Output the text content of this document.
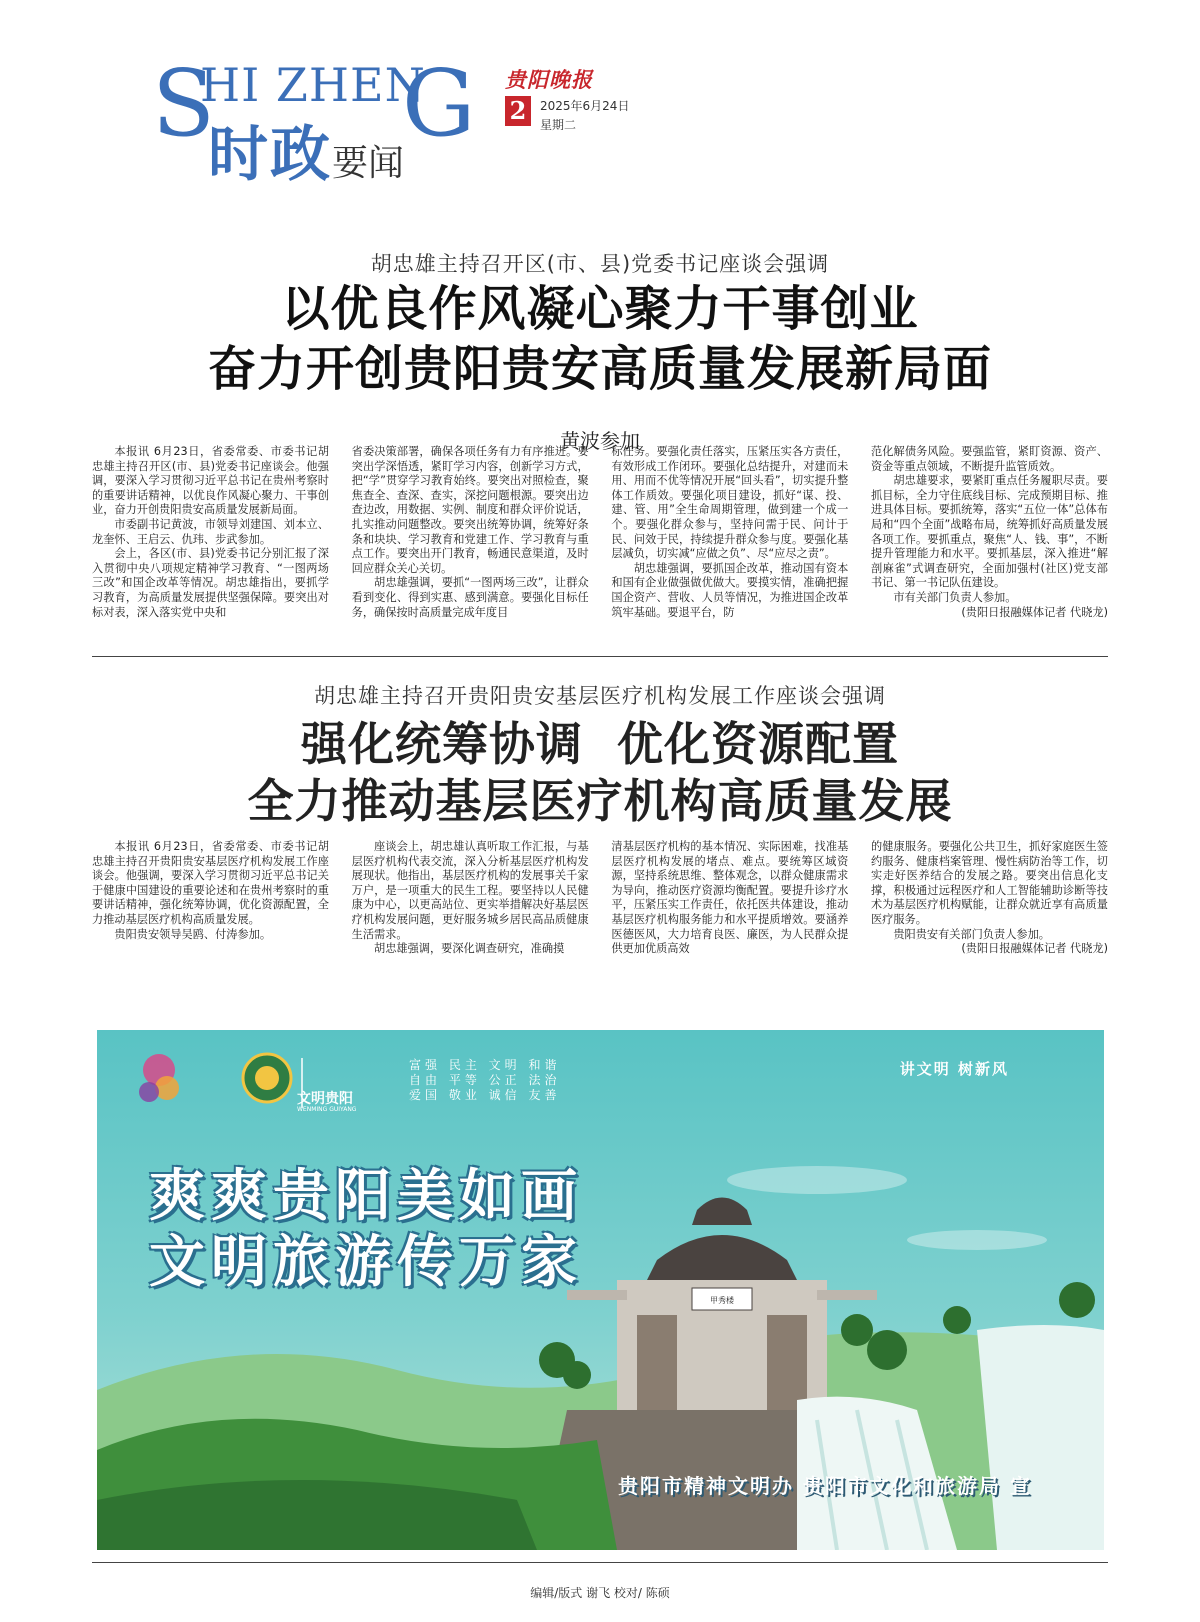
S
HI ZHEN
G
时政 要闻
贵阳晚报
2	2025年6月24日
星期二
胡忠雄主持召开区(市、县)党委书记座谈会强调
以优良作风凝心聚力干事创业
奋力开创贵阳贵安高质量发展新局面
黄波参加

本报讯 6月23日，省委常委、市委书记胡忠雄主持召开区(市、县)党委书记座谈会。他强调，要深入学习贯彻习近平总书记在贵州考察时的重要讲话精神，以优良作风凝心聚力、干事创业，奋力开创贵阳贵安高质量发展新局面。

市委副书记黄波，市领导刘建国、刘本立、龙奎怀、王启云、仇玮、步武参加。

会上，各区(市、县)党委书记分别汇报了深入贯彻中央八项规定精神学习教育、“一图两场三改”和国企改革等情况。胡忠雄指出，要抓学习教育，为高质量发展提供坚强保障。要突出对标对表，深入落实党中央和

省委决策部署，确保各项任务有力有序推进。要突出学深悟透，紧盯学习内容，创新学习方式，把“学”贯穿学习教育始终。要突出对照检查，聚焦查全、查深、查实，深挖问题根源。要突出边查边改，用数据、实例、制度和群众评价说话，扎实推动问题整改。要突出统筹协调，统筹好条条和块块、学习教育和党建工作、学习教育与重点工作。要突出开门教育，畅通民意渠道，及时回应群众关心关切。

胡忠雄强调，要抓“一图两场三改”，让群众看到变化、得到实惠、感到满意。要强化目标任务，确保按时高质量完成年度目

标任务。要强化责任落实，压紧压实各方责任，有效形成工作闭环。要强化总结提升，对建而未用、用而不优等情况开展“回头看”，切实提升整体工作质效。要强化项目建设，抓好“谋、投、建、管、用”全生命周期管理，做到建一个成一个。要强化群众参与，坚持问需于民、问计于民、问效于民，持续提升群众参与度。要强化基层减负，切实减“应做之负”、尽“应尽之责”。

胡忠雄强调，要抓国企改革，推动国有资本和国有企业做强做优做大。要摸实情，准确把握国企资产、营收、人员等情况，为推进国企改革筑牢基础。要退平台，防

范化解债务风险。要强监管，紧盯资源、资产、资金等重点领域，不断提升监管质效。

胡忠雄要求，要紧盯重点任务履职尽责。要抓目标，全力守住底线目标、完成预期目标、推进具体目标。要抓统筹，落实“五位一体”总体布局和“四个全面”战略布局，统筹抓好高质量发展各项工作。要抓重点，聚焦“人、钱、事”，不断提升管理能力和水平。要抓基层，深入推进“解剖麻雀”式调查研究，全面加强村(社区)党支部书记、第一书记队伍建设。

市有关部门负责人参加。

(贵阳日报融媒体记者 代晓龙)

胡忠雄主持召开贵阳贵安基层医疗机构发展工作座谈会强调
强化统筹协调  优化资源配置
全力推动基层医疗机构高质量发展

本报讯 6月23日，省委常委、市委书记胡忠雄主持召开贵阳贵安基层医疗机构发展工作座谈会。他强调，要深入学习贯彻习近平总书记关于健康中国建设的重要论述和在贵州考察时的重要讲话精神，强化统筹协调，优化资源配置，全力推动基层医疗机构高质量发展。

贵阳贵安领导吴鸥、付涛参加。

座谈会上，胡忠雄认真听取工作汇报，与基层医疗机构代表交流，深入分析基层医疗机构发展现状。他指出，基层医疗机构的发展事关千家万户，是一项重大的民生工程。要坚持以人民健康为中心，以更高站位、更实举措解决好基层医疗机构发展问题，更好服务城乡居民高品质健康生活需求。

胡忠雄强调，要深化调查研究，准确摸

清基层医疗机构的基本情况、实际困难，找准基层医疗机构发展的堵点、难点。要统筹区域资源，坚持系统思维、整体观念，以群众健康需求为导向，推动医疗资源均衡配置。要提升诊疗水平，压紧压实工作责任，依托医共体建设，推动基层医疗机构服务能力和水平提质增效。要涵养医德医风，大力培育良医、廉医，为人民群众提供更加优质高效

的健康服务。要强化公共卫生，抓好家庭医生签约服务、健康档案管理、慢性病防治等工作，切实走好医养结合的发展之路。要突出信息化支撑，积极通过远程医疗和人工智能辅助诊断等技术为基层医疗机构赋能，让群众就近享有高质量医疗服务。

贵阳贵安有关部门负责人参加。

(贵阳日报融媒体记者 代晓龙)

甲秀楼
文明贵阳
WENMING GUIYANG
富强 民主 文明 和谐
自由 平等 公正 法治
爱国 敬业 诚信 友善
讲文明 树新风
爽爽贵阳美如画
文明旅游传万家
贵阳市精神文明办 贵阳市文化和旅游局 宣
编辑/版式 谢飞 校对/ 陈硕
